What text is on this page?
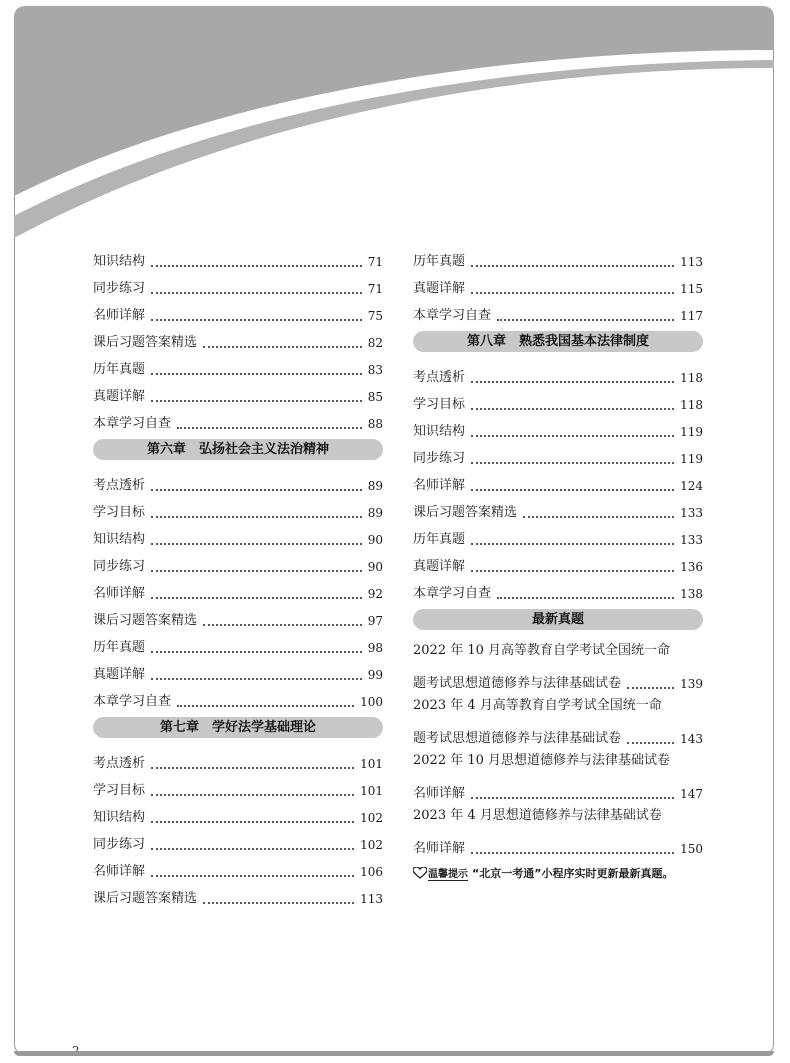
知识结构	71
同步练习	71
名师详解	75
课后习题答案精选	82
历年真题	83
真题详解	85
本章学习自查	88
第六章　弘扬社会主义法治精神
考点透析	89
学习目标	89
知识结构	90
同步练习	90
名师详解	92
课后习题答案精选	97
历年真题	98
真题详解	99
本章学习自查	100
第七章　学好法学基础理论
考点透析	101
学习目标	101
知识结构	102
同步练习	102
名师详解	106
课后习题答案精选	113
历年真题	113
真题详解	115
本章学习自查	117
第八章　熟悉我国基本法律制度
考点透析	118
学习目标	118
知识结构	119
同步练习	119
名师详解	124
课后习题答案精选	133
历年真题	133
真题详解	136
本章学习自查	138
最新真题
2022 年 10 月高等教育自学考试全国统一命
题考试思想道德修养与法律基础试卷	139
2023 年 4 月高等教育自学考试全国统一命
题考试思想道德修养与法律基础试卷	143
2022 年 10 月思想道德修养与法律基础试卷
名师详解	147
2023 年 4 月思想道德修养与法律基础试卷
名师详解	150
温馨提示 “北京一考通”小程序实时更新最新真题。
